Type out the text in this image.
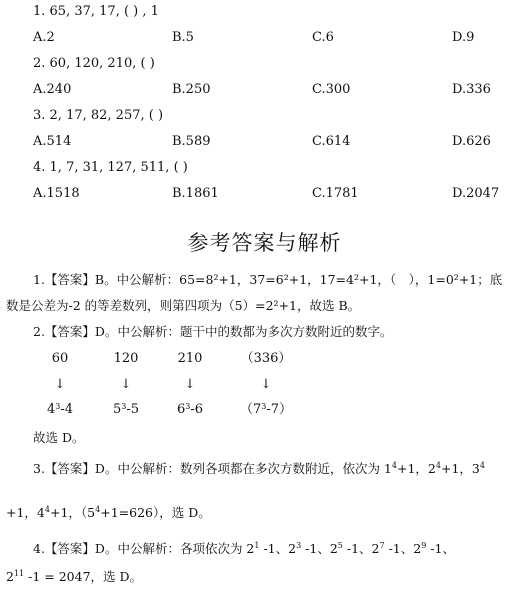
1. 65, 37, 17, ( ) , 1
A.2	B.5	C.6	D.9
2. 60, 120, 210, ( )
A.240	B.250	C.300	D.336
3. 2, 17, 82, 257, ( )
A.514	B.589	C.614	D.626
4. 1, 7, 31, 127, 511, ( )
A.1518	B.1861	C.1781	D.2047
参考答案与解析
1.【答案】B。中公解析：65=8²+1，37=6²+1，17=4²+1，（　），1=0²+1；底
数是公差为-2 的等差数列，则第四项为（5）=2²+1，故选 B。
2.【答案】D。中公解析：题干中的数都为多次方数附近的数字。
60	120	210	（336）
↓	↓	↓	↓
$4^3-4$	$5^3-5$	$6^3-6$	$(7^3-7)$
故选 D。
3.【答案】D。中公解析：数列各项都在多次方数附近，依次为 $1^4+1$，$2^4+1$，$3^4$
+1，$4^4+1$，$(5^4+1=626)$，选 D。
4.【答案】D。中公解析：各项依次为 $2^1$ -1、$2^3$ -1、$2^5$ -1、$2^7$ -1、$2^9$ -1、
$2^{11}$ -1 = 2047，选 D。
